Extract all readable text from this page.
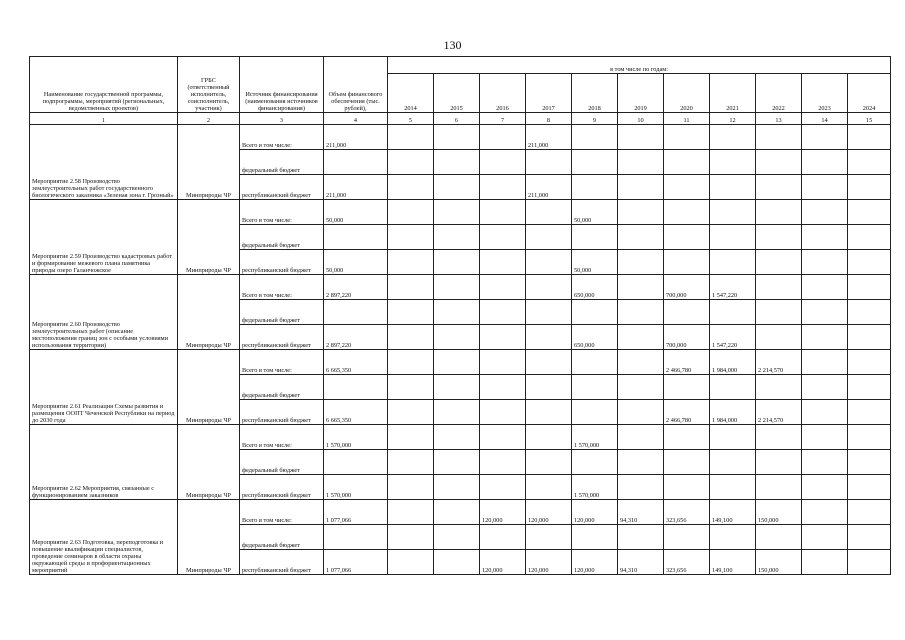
130
Наименование государственной программы, подпрограммы, мероприятий (региональных, ведомственных проектов)	ГРБС (ответственный исполнитель, соисполнитель, участник)	Источник финансирования (наименования источников финансирования)	Объем финансового обеспечения (тыс. рублей),	в том числе по годам:										
				2014	2015	2016	2017	2018	2019	2020	2021	2022	2023	2024
1	2	3	4	5	6	7	8	9	10	11	12	13	14	15
Мероприятие 2.58 Производство землеустроительных работ государственного биологического заказника «Зеленая зона г. Грозный»	Минприроды ЧР	Всего в том числе:	211,000				211,000							
		федеральный бюджет												
		республиканский бюджет	211,000				211,000							
Мероприятие 2.59 Производство кадастровых работ и формирование межевого плана памятника природы озеро Галанчожское	Минприроды ЧР	Всего в том числе:	50,000					50,000						
		федеральный бюджет												
		республиканский бюджет	50,000					50,000						
Мероприятие 2.60 Производство землеустроительных работ (описание местоположения границ зон с особыми условиями использования территории)	Минприроды ЧР	Всего в том числе:	2 897,220					650,000		700,000	1 547,220			
		федеральный бюджет												
		республиканский бюджет	2 897,220					650,000		700,000	1 547,220			
Мероприятие 2.61 Реализация Схемы развития и размещения ООПТ Чеченской Республики на период до 2030 года	Минприроды ЧР	Всего в том числе:	6 665,350							2 466,780	1 984,000	2 214,570		
		федеральный бюджет												
		республиканский бюджет	6 665,350							2 466,780	1 984,000	2 214,570		
Мероприятие 2.62 Мероприятия, связанные с функционированием заказников	Минприроды ЧР	Всего в том числе:	1 570,000					1 570,000						
		федеральный бюджет												
		республиканский бюджет	1 570,000					1 570,000						
Мероприятие 2.63 Подготовка, переподготовка и повышение квалификации специалистов, проведение семинаров в области охраны окружающей среды и профориентационных мероприятий	Минприроды ЧР	Всего в том числе:	1 077,066			120,000	120,000	120,000	94,310	323,656	149,100	150,000		
		федеральный бюджет												
		республиканский бюджет	1 077,066			120,000	120,000	120,000	94,310	323,656	149,100	150,000		
